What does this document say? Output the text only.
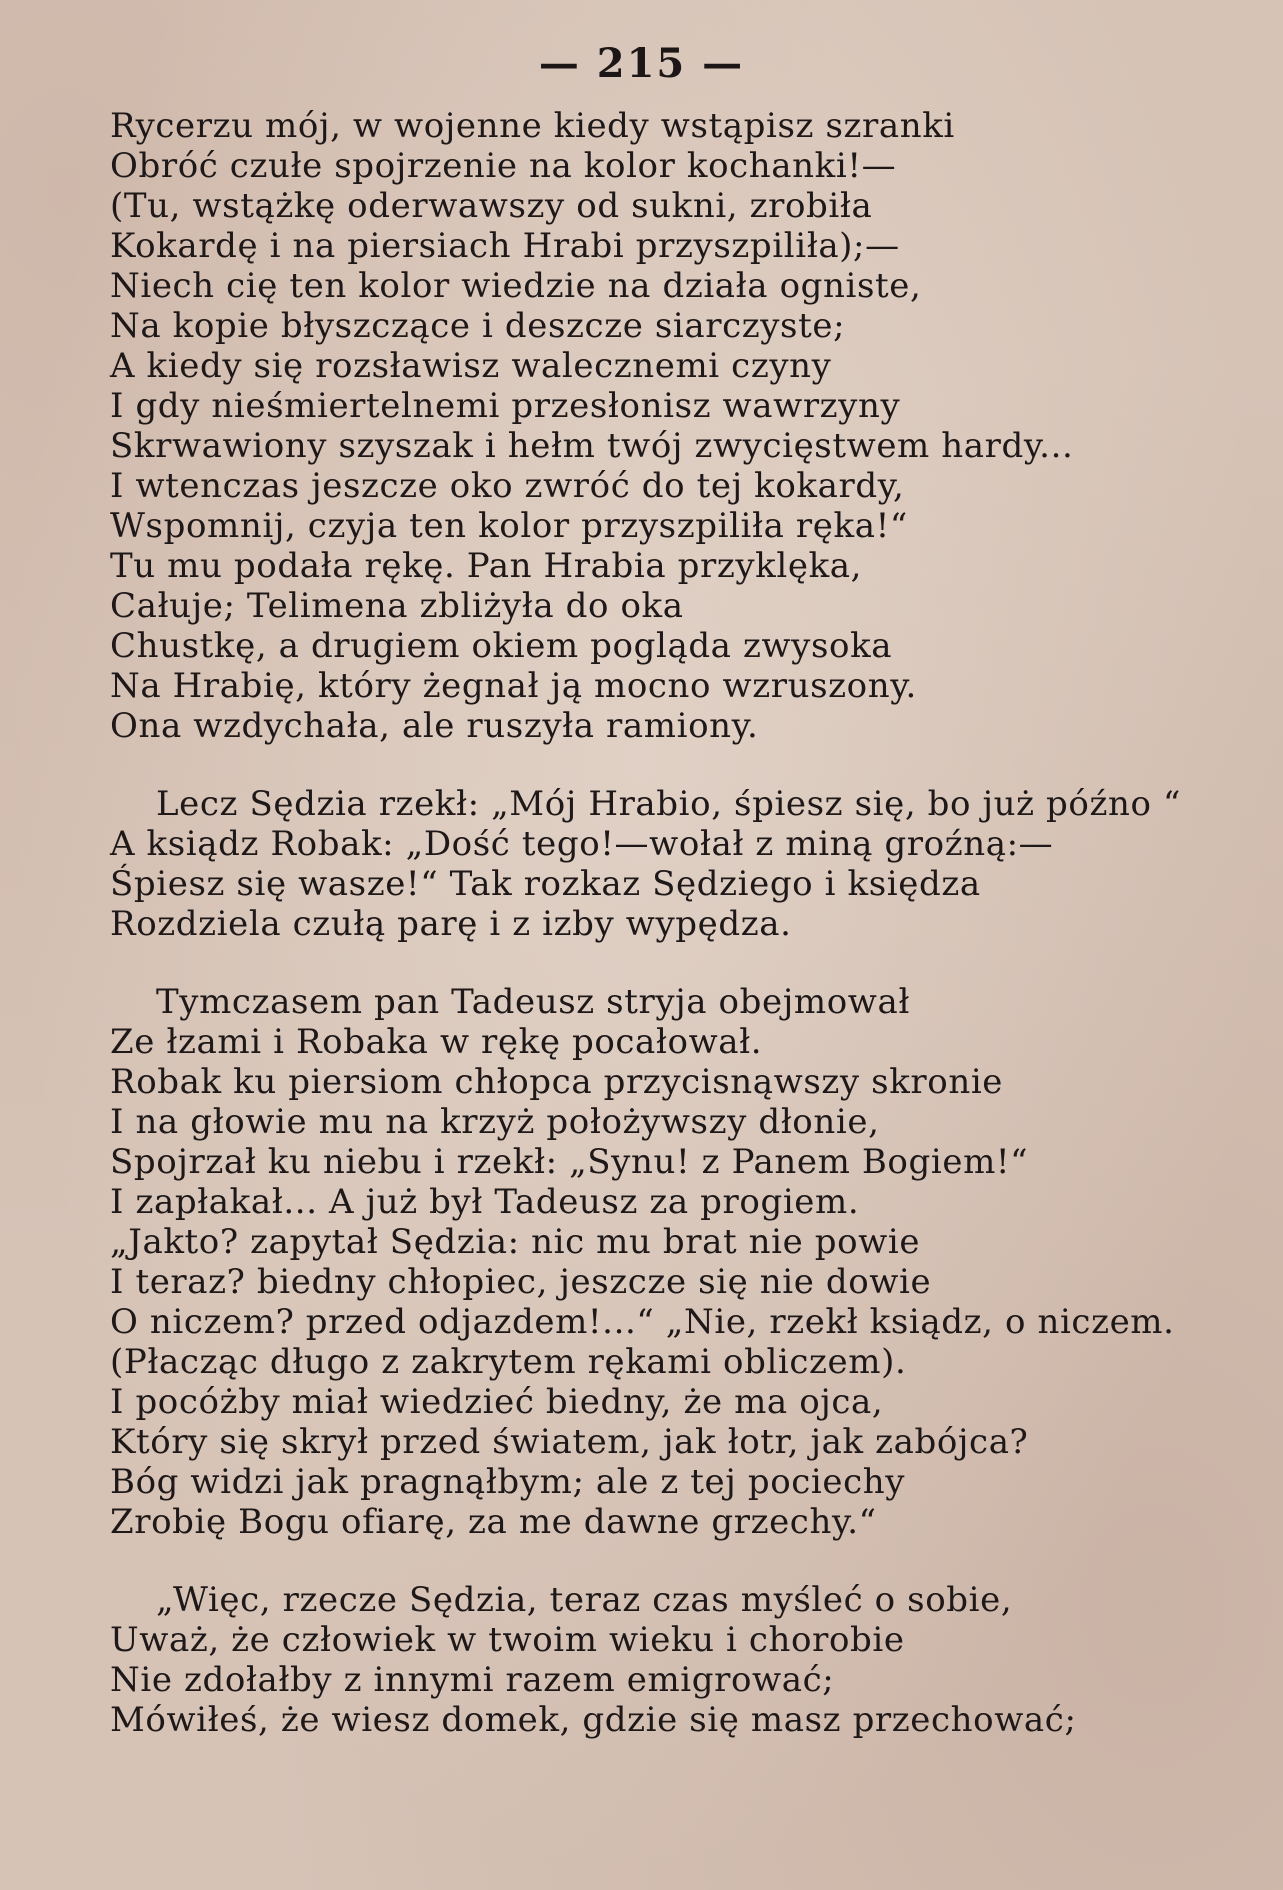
— 215 —
Rycerzu mój, w wojenne kiedy wstąpisz szranki
Obróć czułe spojrzenie na kolor kochanki!—
(Tu, wstążkę oderwawszy od sukni, zrobiła
Kokardę i na piersiach Hrabi przyszpiliła);—
Niech cię ten kolor wiedzie na działa ogniste,
Na kopie błyszczące i deszcze siarczyste;
A kiedy się rozsławisz walecznemi czyny
I gdy nieśmiertelnemi przesłonisz wawrzyny
Skrwawiony szyszak i hełm twój zwycięstwem hardy...
I wtenczas jeszcze oko zwróć do tej kokardy,
Wspomnij, czyja ten kolor przyszpiliła ręka!“
Tu mu podała rękę. Pan Hrabia przyklęka,
Całuje; Telimena zbliżyła do oka
Chustkę, a drugiem okiem pogląda zwysoka
Na Hrabię, który żegnał ją mocno wzruszony.
Ona wzdychała, ale ruszyła ramiony.
Lecz Sędzia rzekł: „Mój Hrabio, śpiesz się, bo już późno “
A ksiądz Robak: „Dość tego!—wołał z miną groźną:—
Śpiesz się wasze!“ Tak rozkaz Sędziego i księdza
Rozdziela czułą parę i z izby wypędza.
Tymczasem pan Tadeusz stryja obejmował
Ze łzami i Robaka w rękę pocałował.
Robak ku piersiom chłopca przycisnąwszy skronie
I na głowie mu na krzyż położywszy dłonie,
Spojrzał ku niebu i rzekł: „Synu! z Panem Bogiem!“
I zapłakał... A już był Tadeusz za progiem.
„Jakto? zapytał Sędzia: nic mu brat nie powie
I teraz? biedny chłopiec, jeszcze się nie dowie
O niczem? przed odjazdem!...“ „Nie, rzekł ksiądz, o niczem.
(Płacząc długo z zakrytem rękami obliczem).
I pocóżby miał wiedzieć biedny, że ma ojca,
Który się skrył przed światem, jak łotr, jak zabójca?
Bóg widzi jak pragnąłbym; ale z tej pociechy
Zrobię Bogu ofiarę, za me dawne grzechy.“
„Więc, rzecze Sędzia, teraz czas myśleć o sobie,
Uważ, że człowiek w twoim wieku i chorobie
Nie zdołałby z innymi razem emigrować;
Mówiłeś, że wiesz domek, gdzie się masz przechować;
